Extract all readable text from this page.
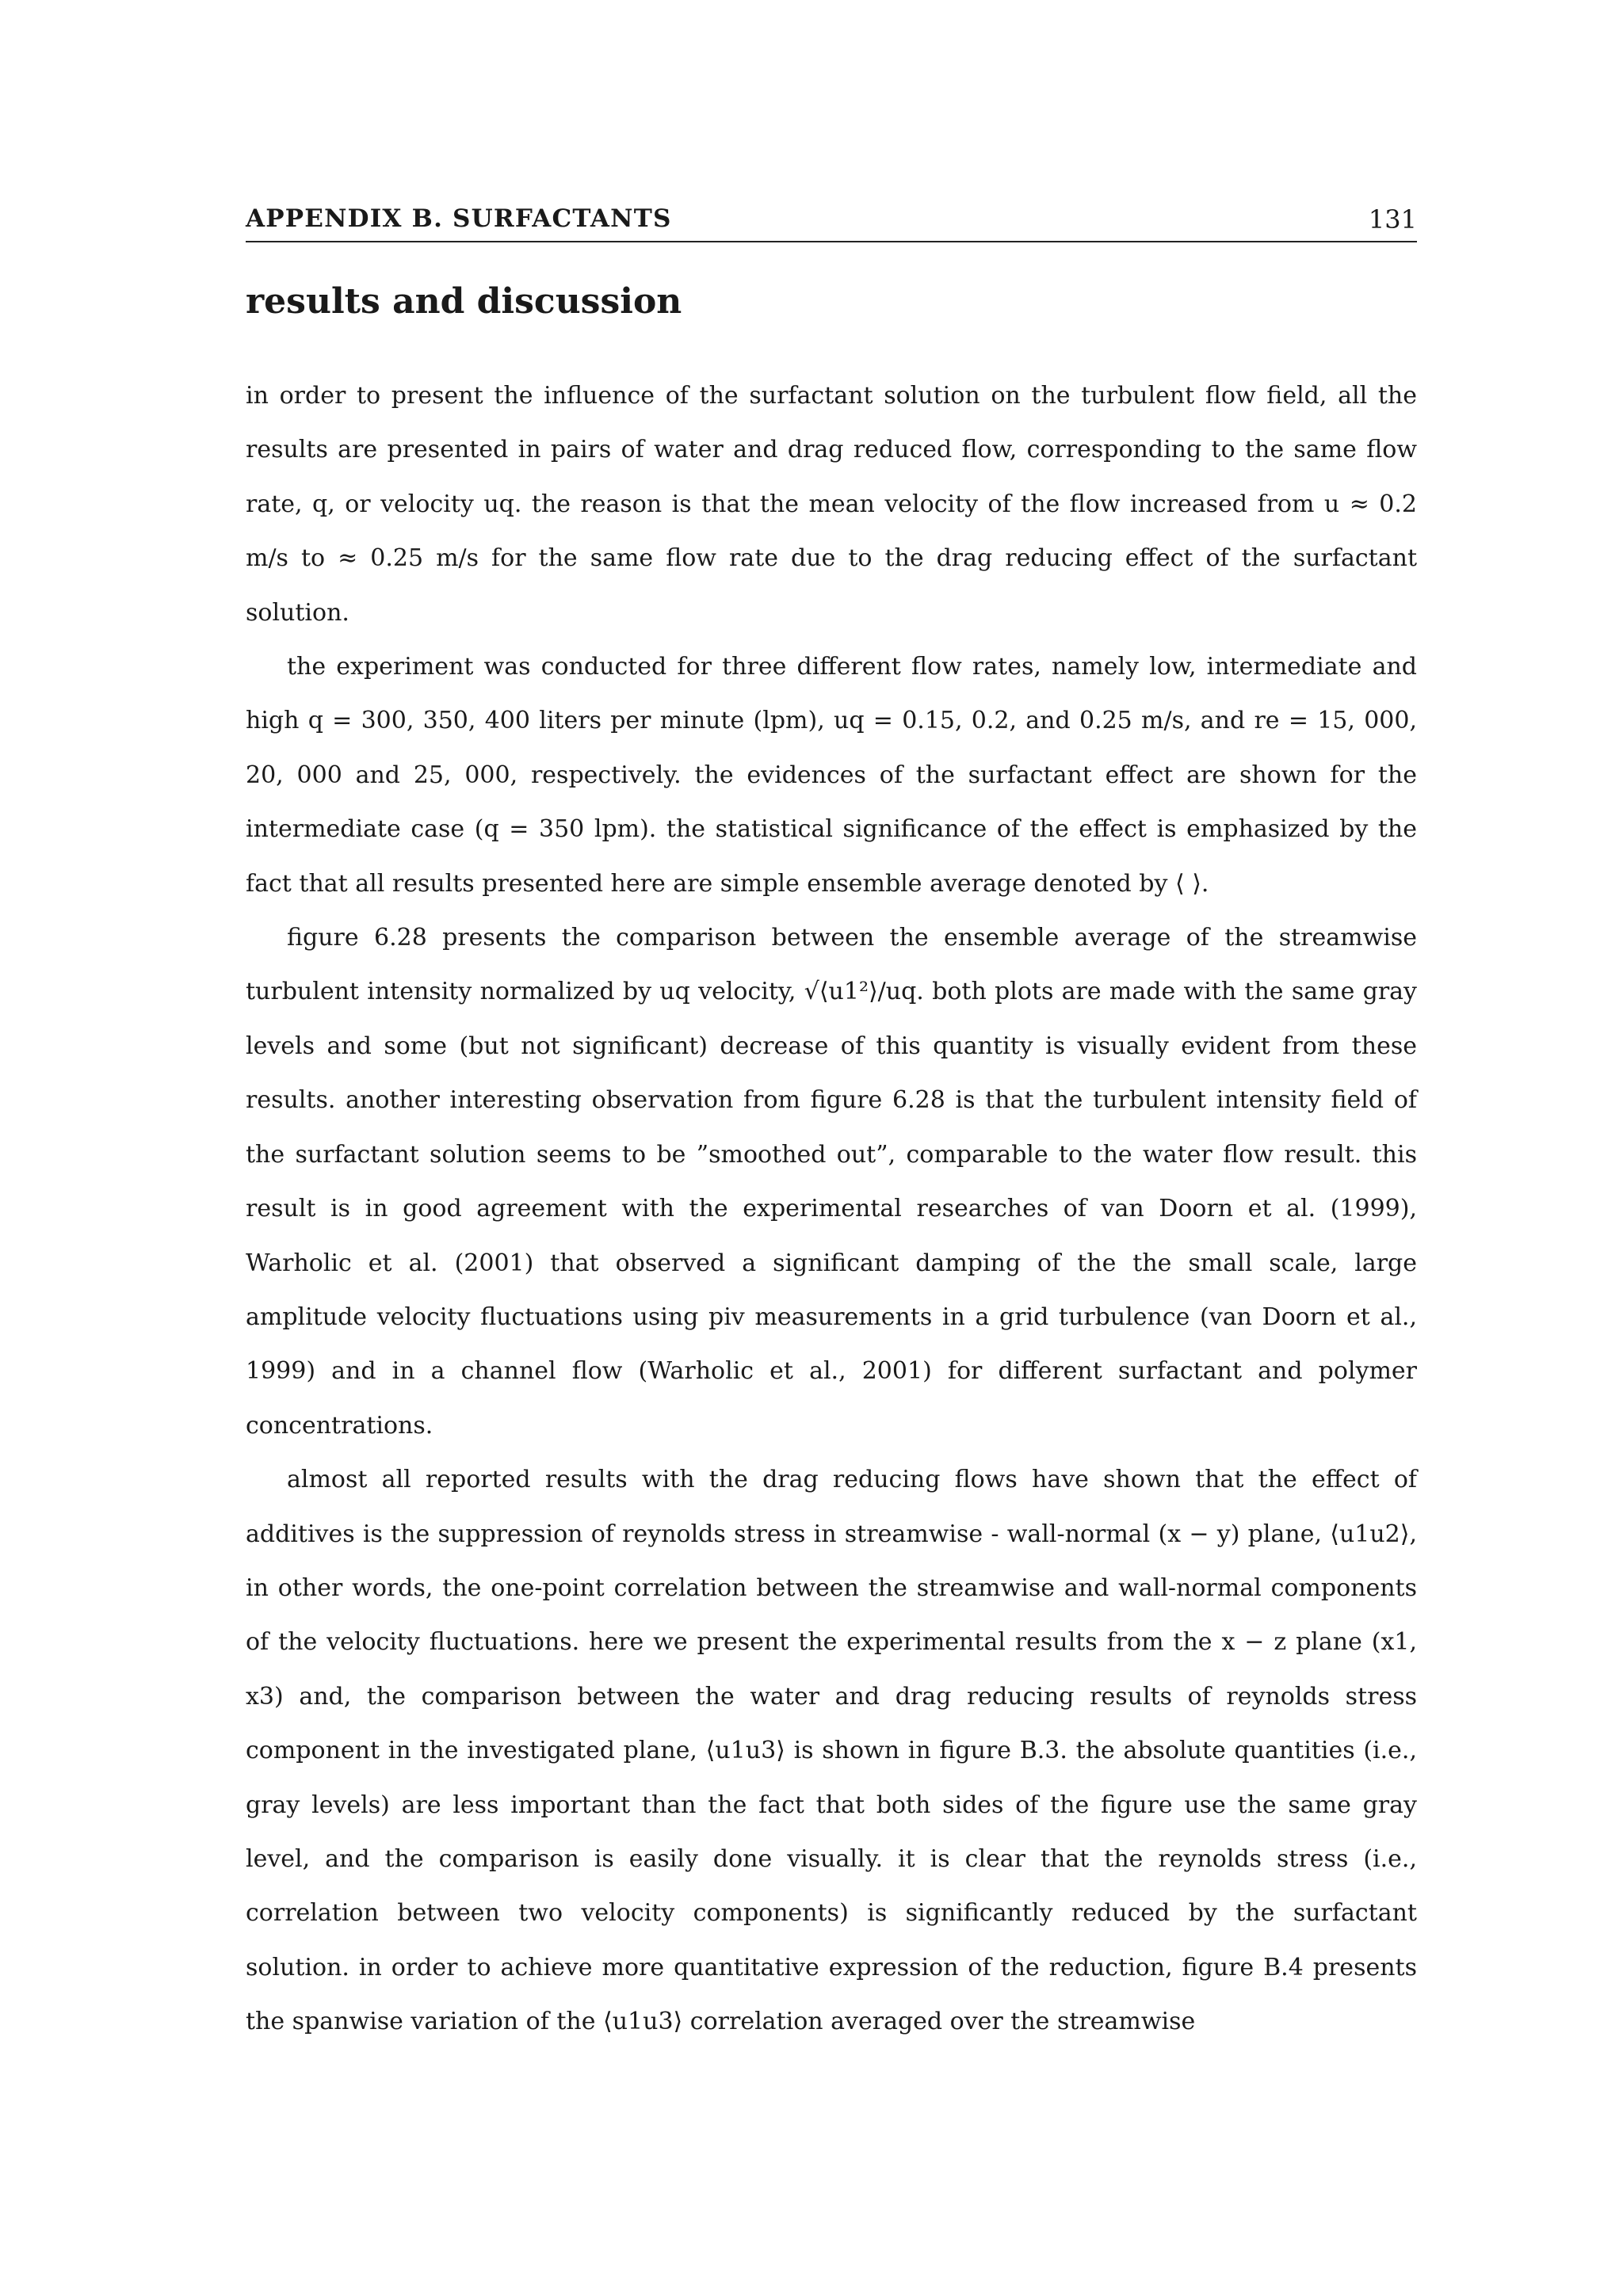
APPENDIX B. SURFACTANTS	131
results and discussion

in order to present the influence of the surfactant solution on the turbulent flow field, all the results are presented in pairs of water and drag reduced flow, corresponding to the same flow rate, q, or velocity uq. the reason is that the mean velocity of the flow increased from u ≈ 0.2 m/s to ≈ 0.25 m/s for the same flow rate due to the drag reducing effect of the surfactant solution.

the experiment was conducted for three different flow rates, namely low, intermediate and high q = 300, 350, 400 liters per minute (lpm), uq = 0.15, 0.2, and 0.25 m/s, and re = 15, 000, 20, 000 and 25, 000, respectively. the evidences of the surfactant effect are shown for the intermediate case (q = 350 lpm). the statistical significance of the effect is emphasized by the fact that all results presented here are simple ensemble average denoted by ⟨ ⟩.

figure 6.28 presents the comparison between the ensemble average of the streamwise turbulent intensity normalized by uq velocity, √⟨u1²⟩/uq. both plots are made with the same gray levels and some (but not significant) decrease of this quantity is visually evident from these results. another interesting observation from figure 6.28 is that the turbulent intensity field of the surfactant solution seems to be ”smoothed out”, comparable to the water flow result. this result is in good agreement with the experimental researches of van Doorn et al. (1999), Warholic et al. (2001) that observed a significant damping of the the small scale, large amplitude velocity fluctuations using piv measurements in a grid turbulence (van Doorn et al., 1999) and in a channel flow (Warholic et al., 2001) for different surfactant and polymer concentrations.

almost all reported results with the drag reducing flows have shown that the effect of additives is the suppression of reynolds stress in streamwise - wall-normal (x − y) plane, ⟨u1u2⟩, in other words, the one-point correlation between the streamwise and wall-normal components of the velocity fluctuations. here we present the experimental results from the x − z plane (x1, x3) and, the comparison between the water and drag reducing results of reynolds stress component in the investigated plane, ⟨u1u3⟩ is shown in figure B.3. the absolute quantities (i.e., gray levels) are less important than the fact that both sides of the figure use the same gray level, and the comparison is easily done visually. it is clear that the reynolds stress (i.e., correlation between two velocity components) is significantly reduced by the surfactant solution. in order to achieve more quantitative expression of the reduction, figure B.4 presents the spanwise variation of the ⟨u1u3⟩ correlation averaged over the streamwise
